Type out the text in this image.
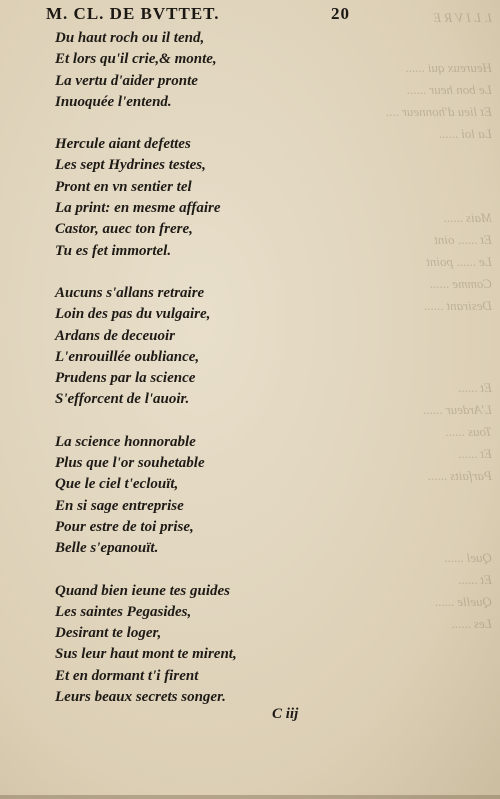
M. CL. DE BVTTET.	20
Du haut roch ou il tend,
Et lors qu'il crie,& monte,
La vertu d'aider pronte
Inuoquée l'entend.
Hercule aiant defettes
Les sept Hydrines testes,
Pront en vn sentier tel
La print: en mesme affaire
Castor, auec ton frere,
Tu es fet immortel.
Aucuns s'allans retraire
Loin des pas du vulgaire,
Ardans de deceuoir
L'enrouillée oubliance,
Prudens par la science
S'efforcent de l'auoir.
La science honnorable
Plus que l'or souhetable
Que le ciel t'eclouït,
En si sage entreprise
Pour estre de toi prise,
Belle s'epanouït.
Quand bien ieune tes guides
Les saintes Pegasides,
Desirant te loger,
Sus leur haut mont te mirent,
Et en dormant t'i firent
Leurs beaux secrets songer.
C iij
I. L I V R E
Heureux qui ......
Le bon heur ......
Et lieu d'honneur ....
La loi ......
Mais ......
Et ...... oint
Le ...... point
Comme ......
Desirant ......
Et ......
L'Ardeur ......
Tous ......
Et ......
Parfaits ......
Quel ......
Et ......
Quelle ......
Les ......
